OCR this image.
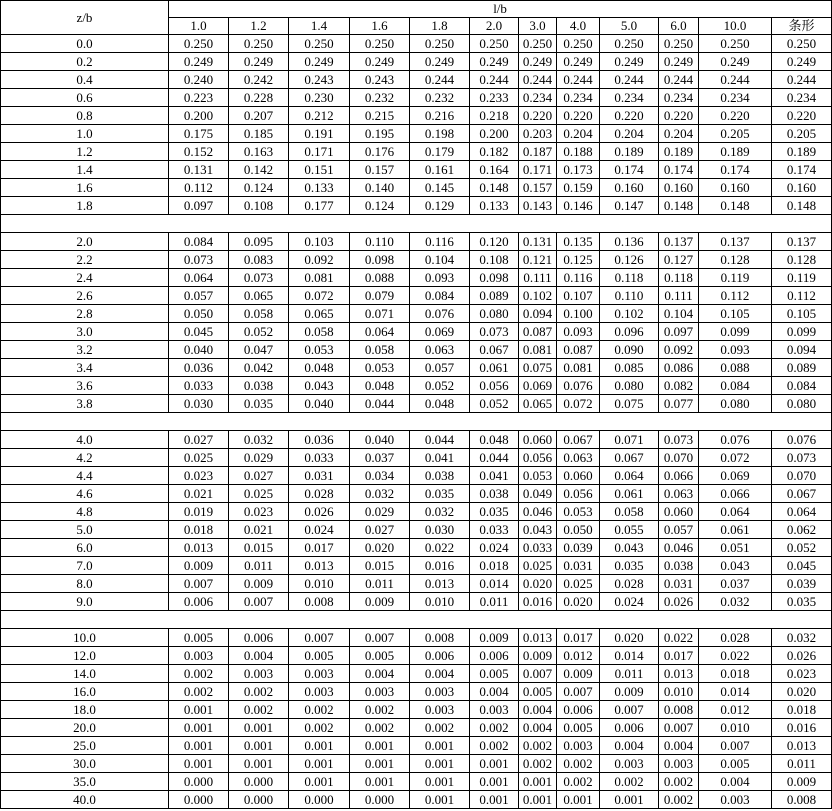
z/b	l/b											
	1.0	1.2	1.4	1.6	1.8	2.0	3.0	4.0	5.0	6.0	10.0	条形
0.0	0.250	0.250	0.250	0.250	0.250	0.250	0.250	0.250	0.250	0.250	0.250	0.250
0.2	0.249	0.249	0.249	0.249	0.249	0.249	0.249	0.249	0.249	0.249	0.249	0.249
0.4	0.240	0.242	0.243	0.243	0.244	0.244	0.244	0.244	0.244	0.244	0.244	0.244
0.6	0.223	0.228	0.230	0.232	0.232	0.233	0.234	0.234	0.234	0.234	0.234	0.234
0.8	0.200	0.207	0.212	0.215	0.216	0.218	0.220	0.220	0.220	0.220	0.220	0.220
1.0	0.175	0.185	0.191	0.195	0.198	0.200	0.203	0.204	0.204	0.204	0.205	0.205
1.2	0.152	0.163	0.171	0.176	0.179	0.182	0.187	0.188	0.189	0.189	0.189	0.189
1.4	0.131	0.142	0.151	0.157	0.161	0.164	0.171	0.173	0.174	0.174	0.174	0.174
1.6	0.112	0.124	0.133	0.140	0.145	0.148	0.157	0.159	0.160	0.160	0.160	0.160
1.8	0.097	0.108	0.177	0.124	0.129	0.133	0.143	0.146	0.147	0.148	0.148	0.148

2.0	0.084	0.095	0.103	0.110	0.116	0.120	0.131	0.135	0.136	0.137	0.137	0.137
2.2	0.073	0.083	0.092	0.098	0.104	0.108	0.121	0.125	0.126	0.127	0.128	0.128
2.4	0.064	0.073	0.081	0.088	0.093	0.098	0.111	0.116	0.118	0.118	0.119	0.119
2.6	0.057	0.065	0.072	0.079	0.084	0.089	0.102	0.107	0.110	0.111	0.112	0.112
2.8	0.050	0.058	0.065	0.071	0.076	0.080	0.094	0.100	0.102	0.104	0.105	0.105
3.0	0.045	0.052	0.058	0.064	0.069	0.073	0.087	0.093	0.096	0.097	0.099	0.099
3.2	0.040	0.047	0.053	0.058	0.063	0.067	0.081	0.087	0.090	0.092	0.093	0.094
3.4	0.036	0.042	0.048	0.053	0.057	0.061	0.075	0.081	0.085	0.086	0.088	0.089
3.6	0.033	0.038	0.043	0.048	0.052	0.056	0.069	0.076	0.080	0.082	0.084	0.084
3.8	0.030	0.035	0.040	0.044	0.048	0.052	0.065	0.072	0.075	0.077	0.080	0.080

4.0	0.027	0.032	0.036	0.040	0.044	0.048	0.060	0.067	0.071	0.073	0.076	0.076
4.2	0.025	0.029	0.033	0.037	0.041	0.044	0.056	0.063	0.067	0.070	0.072	0.073
4.4	0.023	0.027	0.031	0.034	0.038	0.041	0.053	0.060	0.064	0.066	0.069	0.070
4.6	0.021	0.025	0.028	0.032	0.035	0.038	0.049	0.056	0.061	0.063	0.066	0.067
4.8	0.019	0.023	0.026	0.029	0.032	0.035	0.046	0.053	0.058	0.060	0.064	0.064
5.0	0.018	0.021	0.024	0.027	0.030	0.033	0.043	0.050	0.055	0.057	0.061	0.062
6.0	0.013	0.015	0.017	0.020	0.022	0.024	0.033	0.039	0.043	0.046	0.051	0.052
7.0	0.009	0.011	0.013	0.015	0.016	0.018	0.025	0.031	0.035	0.038	0.043	0.045
8.0	0.007	0.009	0.010	0.011	0.013	0.014	0.020	0.025	0.028	0.031	0.037	0.039
9.0	0.006	0.007	0.008	0.009	0.010	0.011	0.016	0.020	0.024	0.026	0.032	0.035

10.0	0.005	0.006	0.007	0.007	0.008	0.009	0.013	0.017	0.020	0.022	0.028	0.032
12.0	0.003	0.004	0.005	0.005	0.006	0.006	0.009	0.012	0.014	0.017	0.022	0.026
14.0	0.002	0.003	0.003	0.004	0.004	0.005	0.007	0.009	0.011	0.013	0.018	0.023
16.0	0.002	0.002	0.003	0.003	0.003	0.004	0.005	0.007	0.009	0.010	0.014	0.020
18.0	0.001	0.002	0.002	0.002	0.003	0.003	0.004	0.006	0.007	0.008	0.012	0.018
20.0	0.001	0.001	0.002	0.002	0.002	0.002	0.004	0.005	0.006	0.007	0.010	0.016
25.0	0.001	0.001	0.001	0.001	0.001	0.002	0.002	0.003	0.004	0.004	0.007	0.013
30.0	0.001	0.001	0.001	0.001	0.001	0.001	0.002	0.002	0.003	0.003	0.005	0.011
35.0	0.000	0.000	0.001	0.001	0.001	0.001	0.001	0.002	0.002	0.002	0.004	0.009
40.0	0.000	0.000	0.000	0.000	0.001	0.001	0.001	0.001	0.001	0.002	0.003	0.008
